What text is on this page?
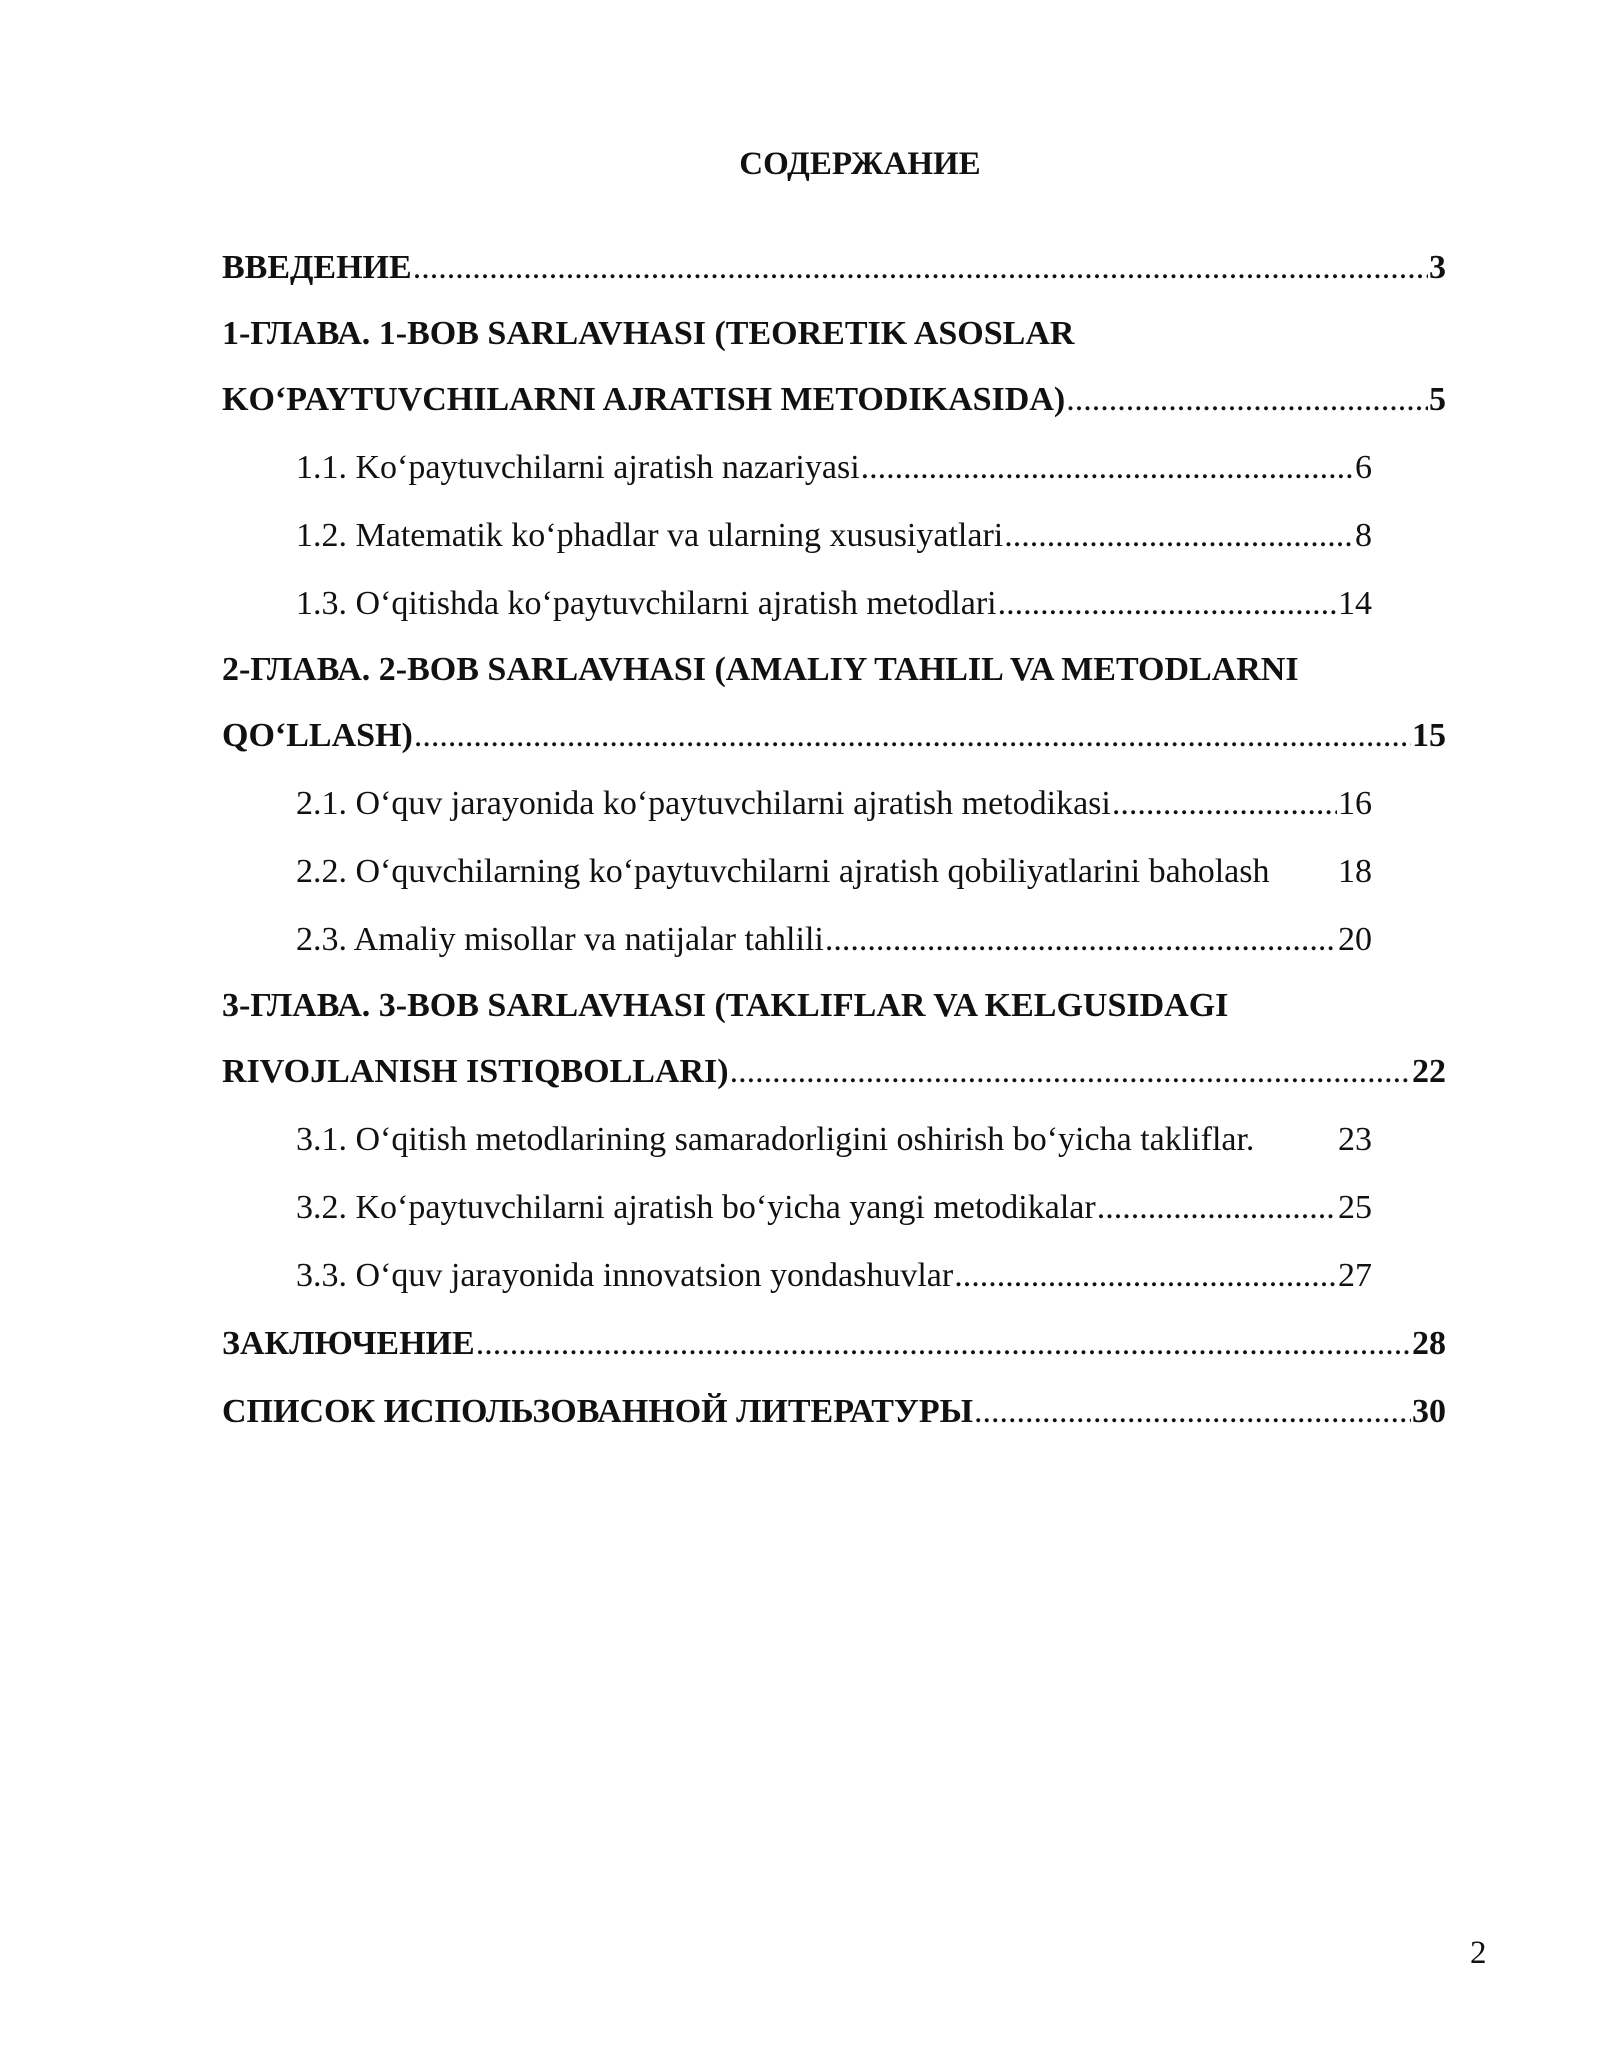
СОДЕРЖАНИЕ
ВВЕДЕНИЕ .....	3
1-ГЛАВА. 1-BOB SARLAVHASI (TEORETIK ASOSLAR
KOʻPAYTUVCHILARNI AJRATISH METODIKASIDA) .....	5
1.1. Koʻpaytuvchilarni ajratish nazariyasi .....	6
1.2. Matematik koʻphadlar va ularning xususiyatlari .....	8
1.3. Oʻqitishda koʻpaytuvchilarni ajratish metodlari .....	14
2-ГЛАВА. 2-BOB SARLAVHASI (AMALIY TAHLIL VA METODLARNI
QOʻLLASH) .....	15
2.1. Oʻquv jarayonida koʻpaytuvchilarni ajratish metodikasi .....	16
2.2. Oʻquvchilarning koʻpaytuvchilarni ajratish qobiliyatlarini baholash 18
2.3. Amaliy misollar va natijalar tahlili .....	20
3-ГЛАВА. 3-BOB SARLAVHASI (TAKLIFLAR VA KELGUSIDAGI
RIVOJLANISH ISTIQBOLLARI) .....	22
3.1. Oʻqitish metodlarining samaradorligini oshirish boʻyicha takliflar. 23
3.2. Koʻpaytuvchilarni ajratish boʻyicha yangi metodikalar .....	25
3.3. Oʻquv jarayonida innovatsion yondashuvlar .....	27
ЗАКЛЮЧЕНИЕ .....	28
СПИСОК ИСПОЛЬЗОВАННОЙ ЛИТЕРАТУРЫ .....	30
2
